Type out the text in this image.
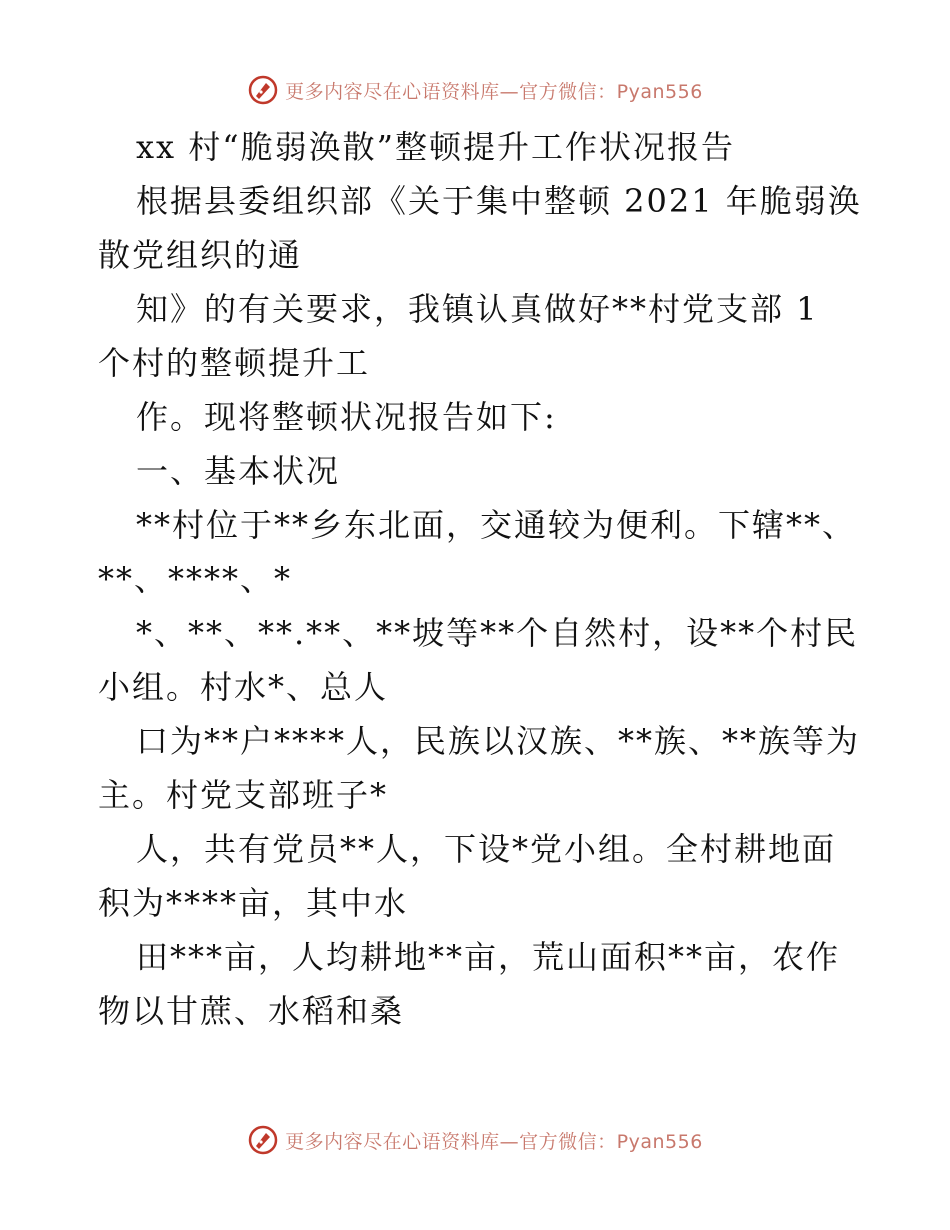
更多内容尽在心语资料库—官方微信：Pyan556
xx 村“脆弱涣散”整顿提升工作状况报告
根据县委组织部《关于集中整顿 2021 年脆弱涣
散党组织的通
知》的有关要求，我镇认真做好**村党支部 1
个村的整顿提升工
作。现将整顿状况报告如下:
一、基本状况
**村位于**乡东北面，交通较为便利。下辖**、
**、****、*
*、**、**.**、**坡等**个自然村，设**个村民
小组。村水*、总人
口为**户****人，民族以汉族、**族、**族等为
主。村党支部班子*
人，共有党员**人，下设*党小组。全村耕地面
积为****亩，其中水
田***亩，人均耕地**亩，荒山面积**亩，农作
物以甘蔗、水稻和桑
更多内容尽在心语资料库—官方微信：Pyan556
